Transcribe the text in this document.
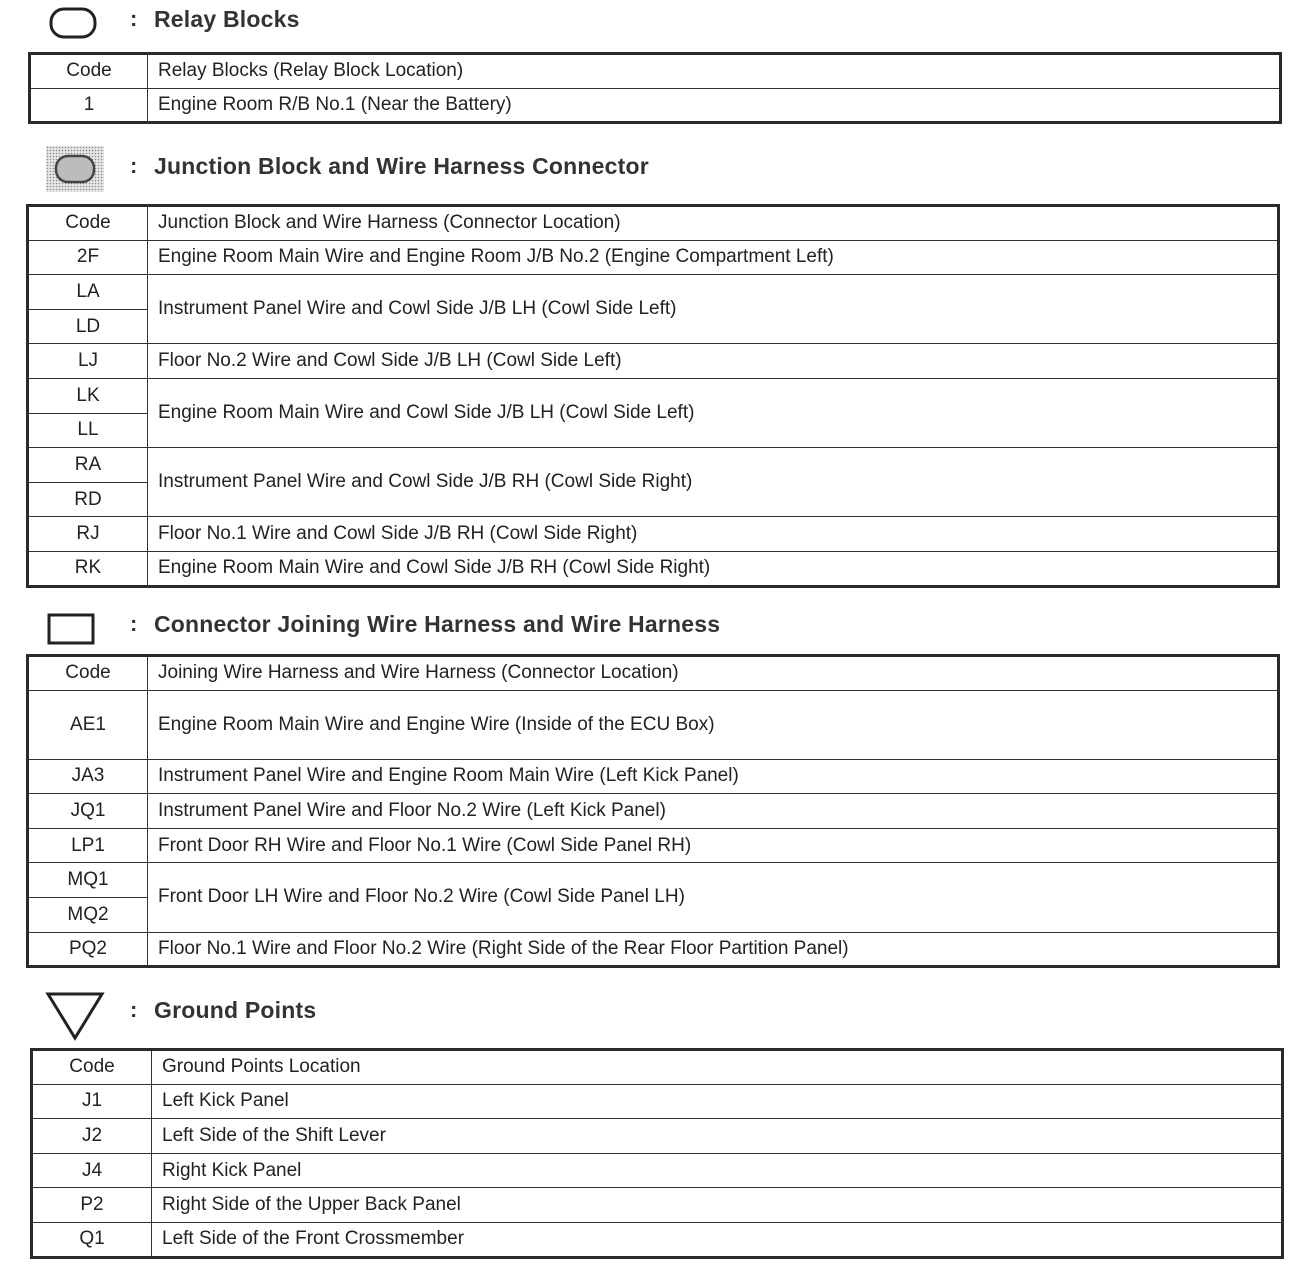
: Relay Blocks
Code	Relay Blocks (Relay Block Location)
1	Engine Room R/B No.1 (Near the Battery)
: Junction Block and Wire Harness Connector
Code	Junction Block and Wire Harness (Connector Location)
2F	Engine Room Main Wire and Engine Room J/B No.2 (Engine Compartment Left)
LA	Instrument Panel Wire and Cowl Side J/B LH (Cowl Side Left)
LD	
LJ	Floor No.2 Wire and Cowl Side J/B LH (Cowl Side Left)
LK	Engine Room Main Wire and Cowl Side J/B LH (Cowl Side Left)
LL	
RA	Instrument Panel Wire and Cowl Side J/B RH (Cowl Side Right)
RD	
RJ	Floor No.1 Wire and Cowl Side J/B RH (Cowl Side Right)
RK	Engine Room Main Wire and Cowl Side J/B RH (Cowl Side Right)
: Connector Joining Wire Harness and Wire Harness
Code	Joining Wire Harness and Wire Harness (Connector Location)
AE1	Engine Room Main Wire and Engine Wire (Inside of the ECU Box)
JA3	Instrument Panel Wire and Engine Room Main Wire (Left Kick Panel)
JQ1	Instrument Panel Wire and Floor No.2 Wire (Left Kick Panel)
LP1	Front Door RH Wire and Floor No.1 Wire (Cowl Side Panel RH)
MQ1	Front Door LH Wire and Floor No.2 Wire (Cowl Side Panel LH)
MQ2	
PQ2	Floor No.1 Wire and Floor No.2 Wire (Right Side of the Rear Floor Partition Panel)
: Ground Points
Code	Ground Points Location
J1	Left Kick Panel
J2	Left Side of the Shift Lever
J4	Right Kick Panel
P2	Right Side of the Upper Back Panel
Q1	Left Side of the Front Crossmember
